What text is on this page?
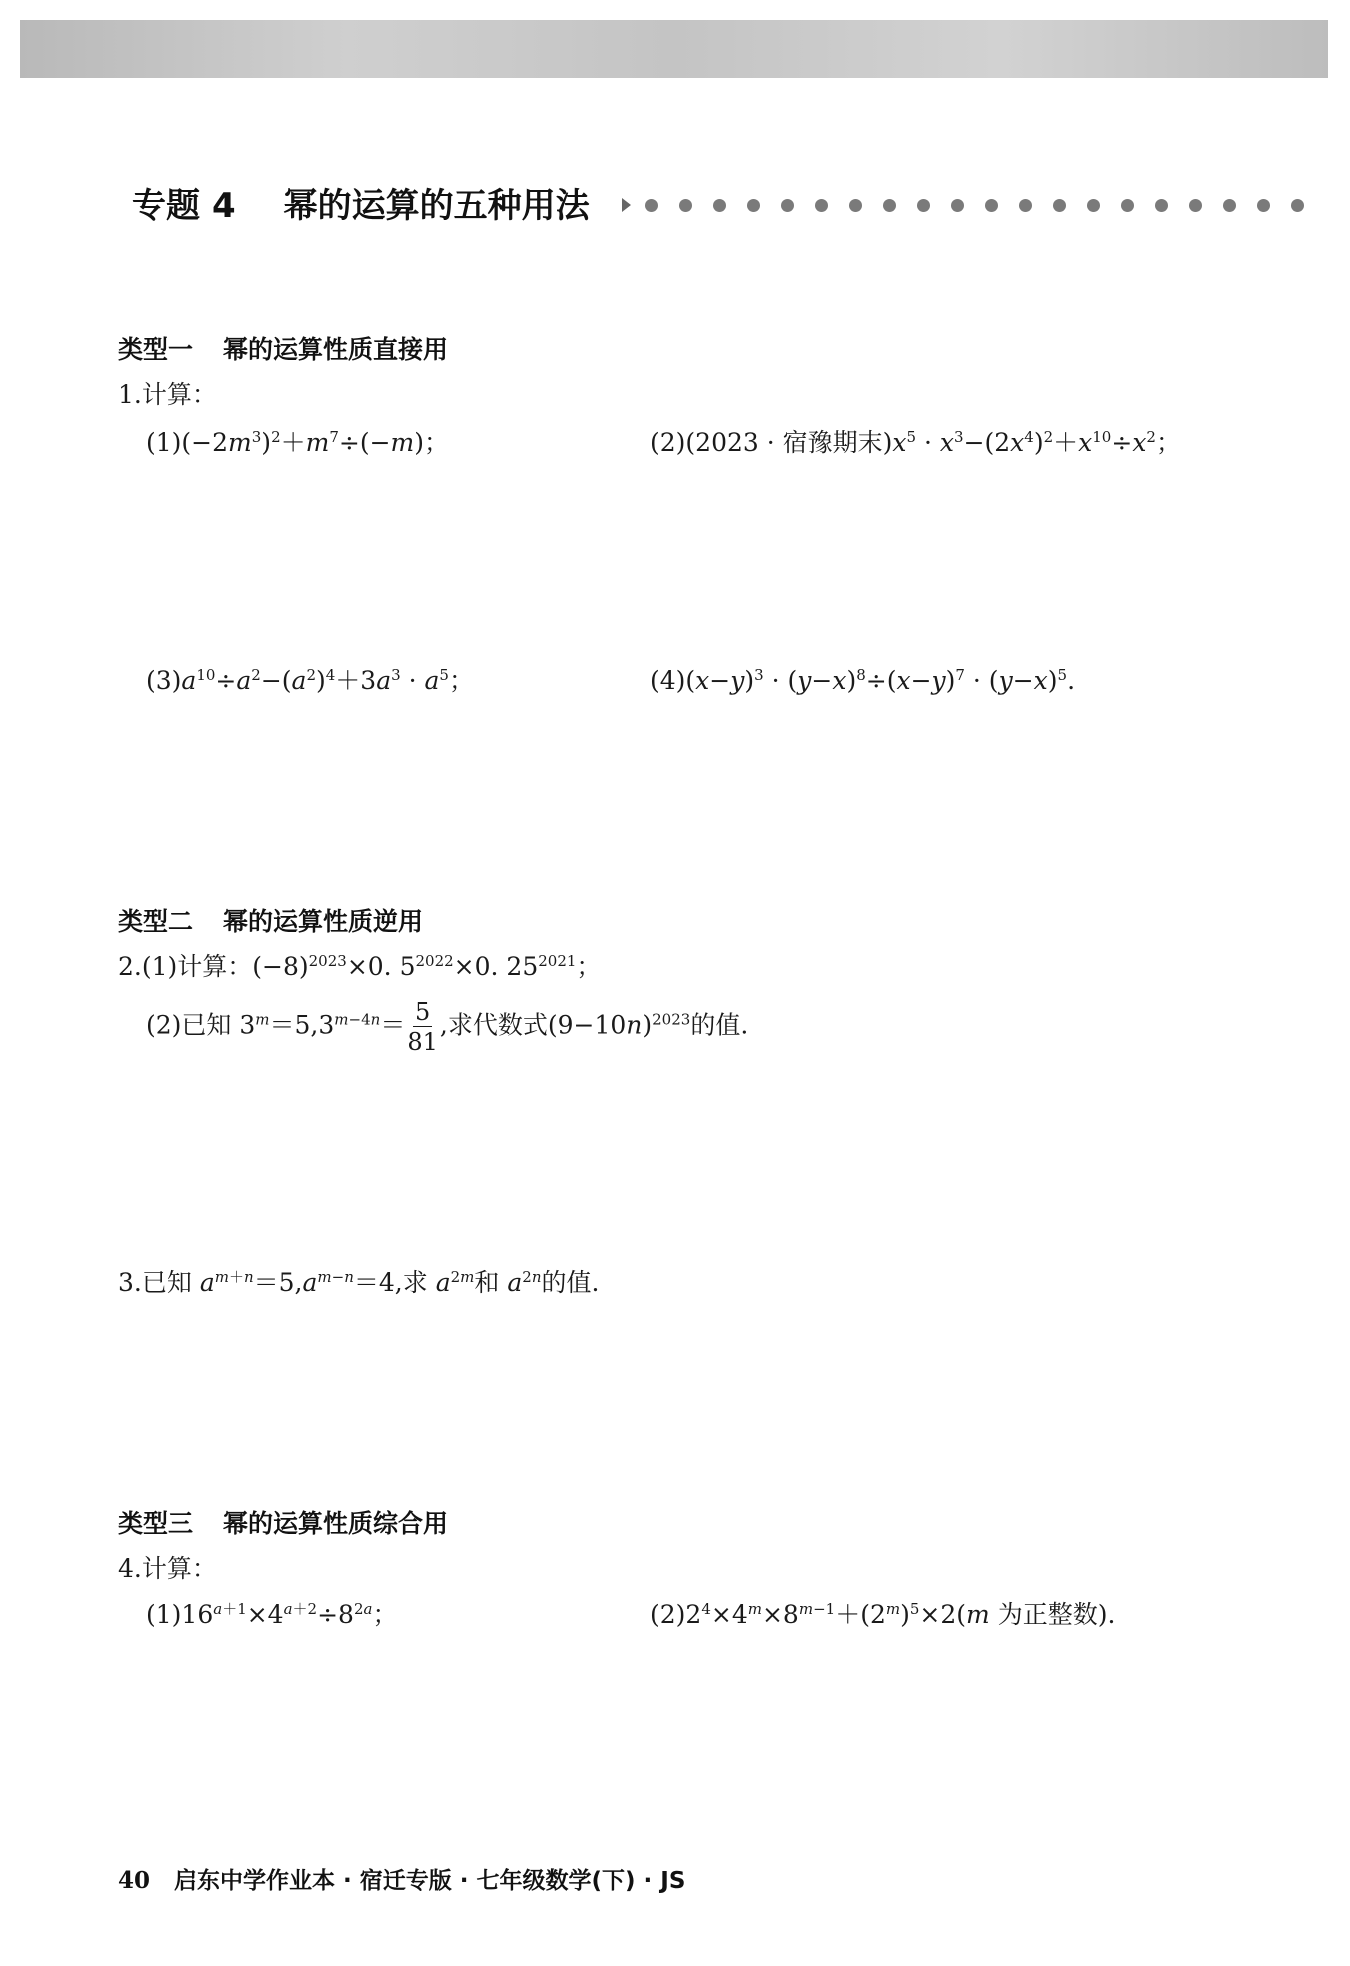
专题 4 幂的运算的五种用法
类型一 幂的运算性质直接用
1.计算：
$(1)(-2m^3)^2+m^7\div(-m)$；	(2)(2023 · 宿豫期末)$x^5 \cdot x^3-(2x^4)^2+x^{10}\div x^2$；
$(3)a^{10}\div a^2-(a^2)^4+3a^3 \cdot a^5$；	$(4)(x-y)^3 \cdot (y-x)^8\div(x-y)^7 \cdot (y-x)^5$.
类型二 幂的运算性质逆用
2.(1)计算：$(-8)^{2023}\times 0$. $5^{2022}\times 0$. $25^{2021}$；
(2)已知 $3^m=5,3^{m-4n}= \frac{5}{81}$ ,求代数式$(9-10n)^{2023}$的值.
3.已知 $a^{m+n}=5,a^{m-n}=4$,求 $a^{2m}$和 $a^{2n}$的值.
类型三 幂的运算性质综合用
4.计算：
$(1)16^{a+1}\times 4^{a+2}\div 8^{2a}$；	$(2)2^4\times 4^m\times 8^{m-1}+(2^m)^5\times 2(m$ 为正整数).
40 启东中学作业本 · 宿迁专版 · 七年级数学(下) · JS
